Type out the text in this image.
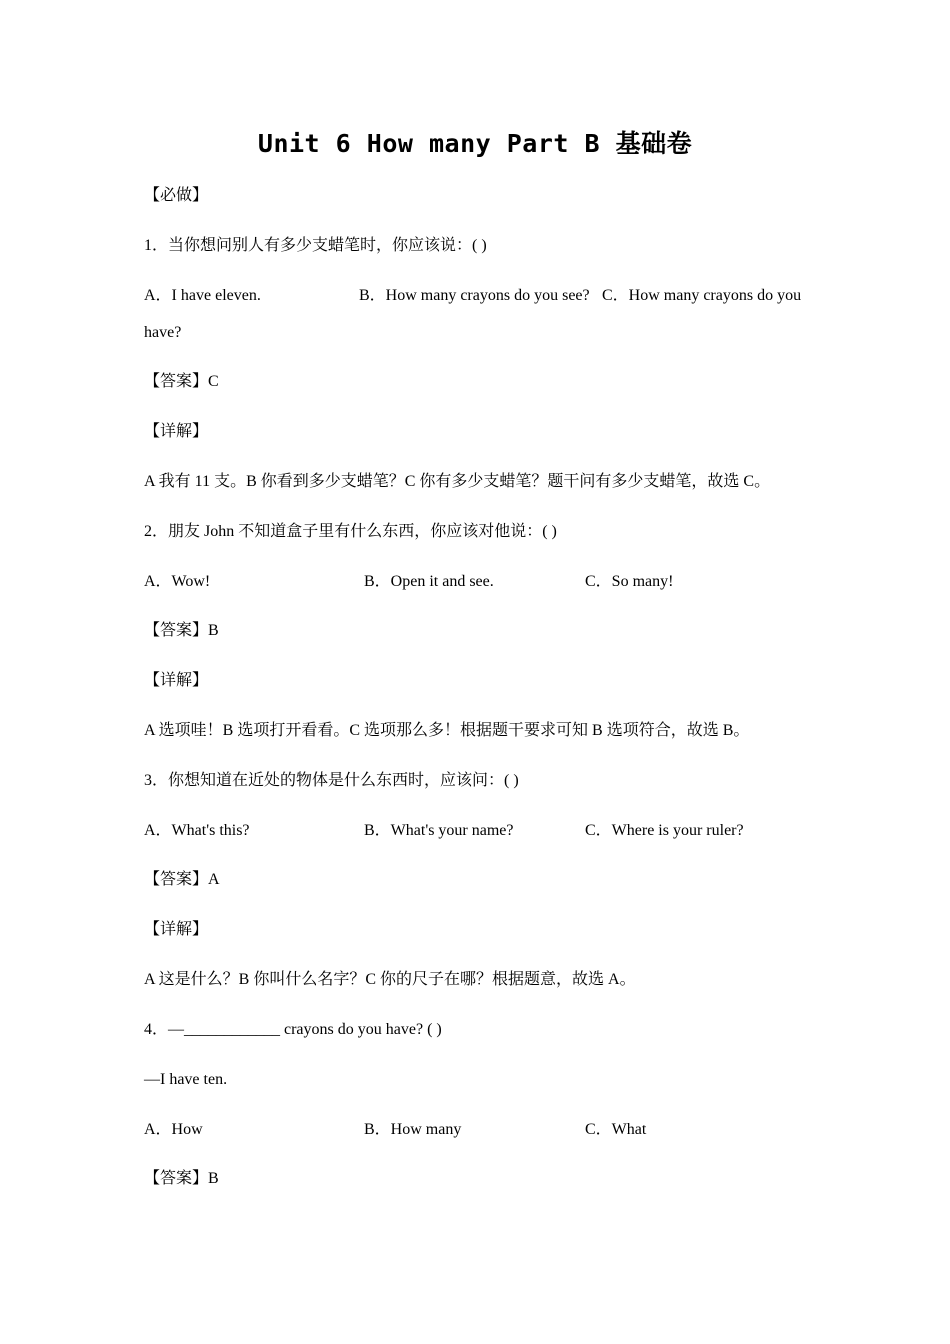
Unit 6 How many Part B 基础卷
【必做】
1．当你想问别人有多少支蜡笔时，你应该说：( )
A．I have eleven.	B．How many crayons do you see? C．How many crayons do you
have?
【答案】C
【详解】
A 我有 11 支。B 你看到多少支蜡笔？C 你有多少支蜡笔？题干问有多少支蜡笔，故选 C。
2．朋友 John 不知道盒子里有什么东西，你应该对他说：( )
A．Wow!	B．Open it and see.	C．So many!
【答案】B
【详解】
A 选项哇！B 选项打开看看。C 选项那么多！根据题干要求可知 B 选项符合，故选 B。
3．你想知道在近处的物体是什么东西时，应该问：( )
A．What's this?	B．What's your name?	C．Where is your ruler?
【答案】A
【详解】
A 这是什么？B 你叫什么名字？C 你的尺子在哪？根据题意，故选 A。
4．—____________ crayons do you have? ( )
—I have ten.
A．How	B．How many	C．What
【答案】B
